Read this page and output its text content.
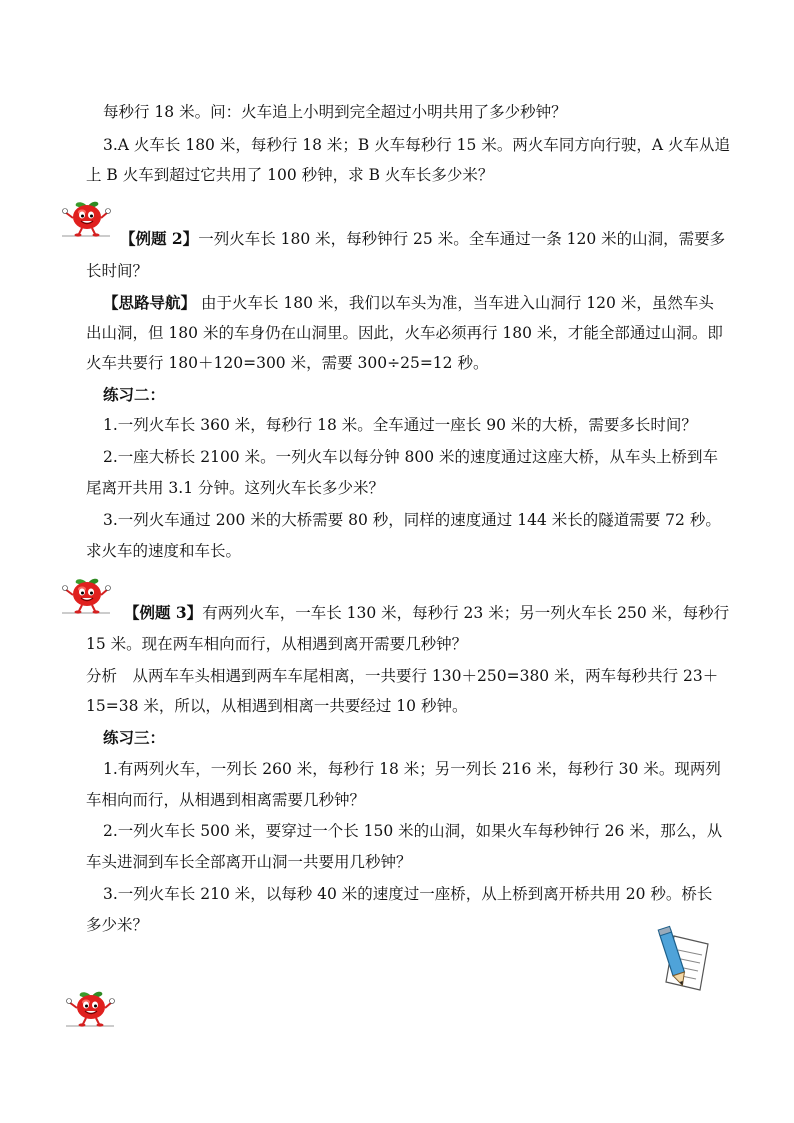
每秒行 18 米。问：火车追上小明到完全超过小明共用了多少秒钟？
3.A 火车长 180 米，每秒行 18 米；B 火车每秒行 15 米。两火车同方向行驶，A 火车从追
上 B 火车到超过它共用了 100 秒钟，求 B 火车长多少米？
【例题 2】一列火车长 180 米，每秒钟行 25 米。全车通过一条 120 米的山洞，需要多
长时间？
【思路导航】 由于火车长 180 米，我们以车头为准，当车进入山洞行 120 米，虽然车头
出山洞，但 180 米的车身仍在山洞里。因此，火车必须再行 180 米，才能全部通过山洞。即
火车共要行 180＋120=300 米，需要 300÷25=12 秒。
练习二：
1.一列火车长 360 米，每秒行 18 米。全车通过一座长 90 米的大桥，需要多长时间？
2.一座大桥长 2100 米。一列火车以每分钟 800 米的速度通过这座大桥，从车头上桥到车
尾离开共用 3.1 分钟。这列火车长多少米？
3.一列火车通过 200 米的大桥需要 80 秒，同样的速度通过 144 米长的隧道需要 72 秒。
求火车的速度和车长。
【例题 3】有两列火车，一车长 130 米，每秒行 23 米；另一列火车长 250 米，每秒行
15 米。现在两车相向而行，从相遇到离开需要几秒钟？
分析　从两车车头相遇到两车车尾相离，一共要行 130＋250=380 米，两车每秒共行 23＋
15=38 米，所以，从相遇到相离一共要经过 10 秒钟。
练习三：
1.有两列火车，一列长 260 米，每秒行 18 米；另一列长 216 米，每秒行 30 米。现两列
车相向而行，从相遇到相离需要几秒钟？
2.一列火车长 500 米，要穿过一个长 150 米的山洞，如果火车每秒钟行 26 米，那么，从
车头进洞到车长全部离开山洞一共要用几秒钟？
3.一列火车长 210 米，以每秒 40 米的速度过一座桥，从上桥到离开桥共用 20 秒。桥长
多少米？
